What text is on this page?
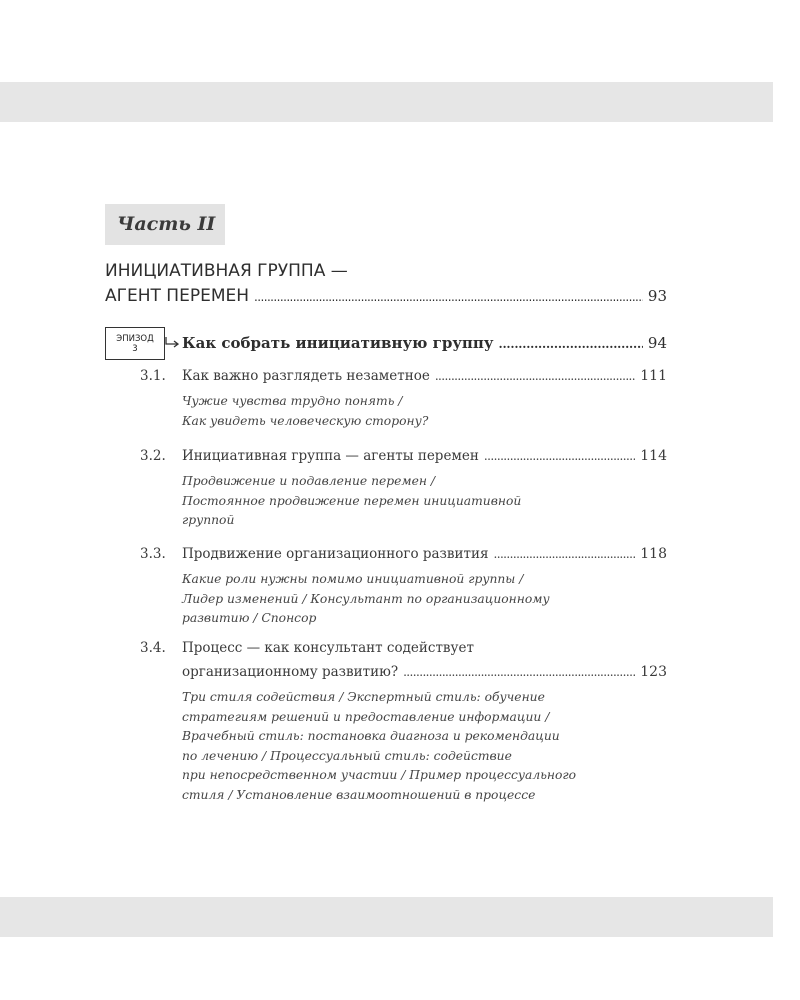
Часть II
ИНИЦИАТИВНАЯ ГРУППА —
АГЕНТ ПЕРЕМЕН . . .	93
ЭПИЗОД
3	Как собрать инициативную группу . . .	94
3.1.	Как важно разглядеть незаметное . . .	111
Чужие чувства трудно понять /
Как увидеть человеческую сторону?
3.2.	Инициативная группа — агенты перемен . . .	114
Продвижение и подавление перемен /
Постоянное продвижение перемен инициативной
группой
3.3.	Продвижение организационного развития . . .	118
Какие роли нужны помимо инициативной группы /
Лидер изменений / Консультант по организационному
развитию / Спонсор
3.4.	Процесс — как консультант содействует
организационному развитию? . . .	123
Три стиля содействия / Экспертный стиль: обучение
стратегиям решений и предоставление информации /
Врачебный стиль: постановка диагноза и рекомендации
по лечению / Процессуальный стиль: содействие
при непосредственном участии / Пример процессуального
стиля / Установление взаимоотношений в процессе
